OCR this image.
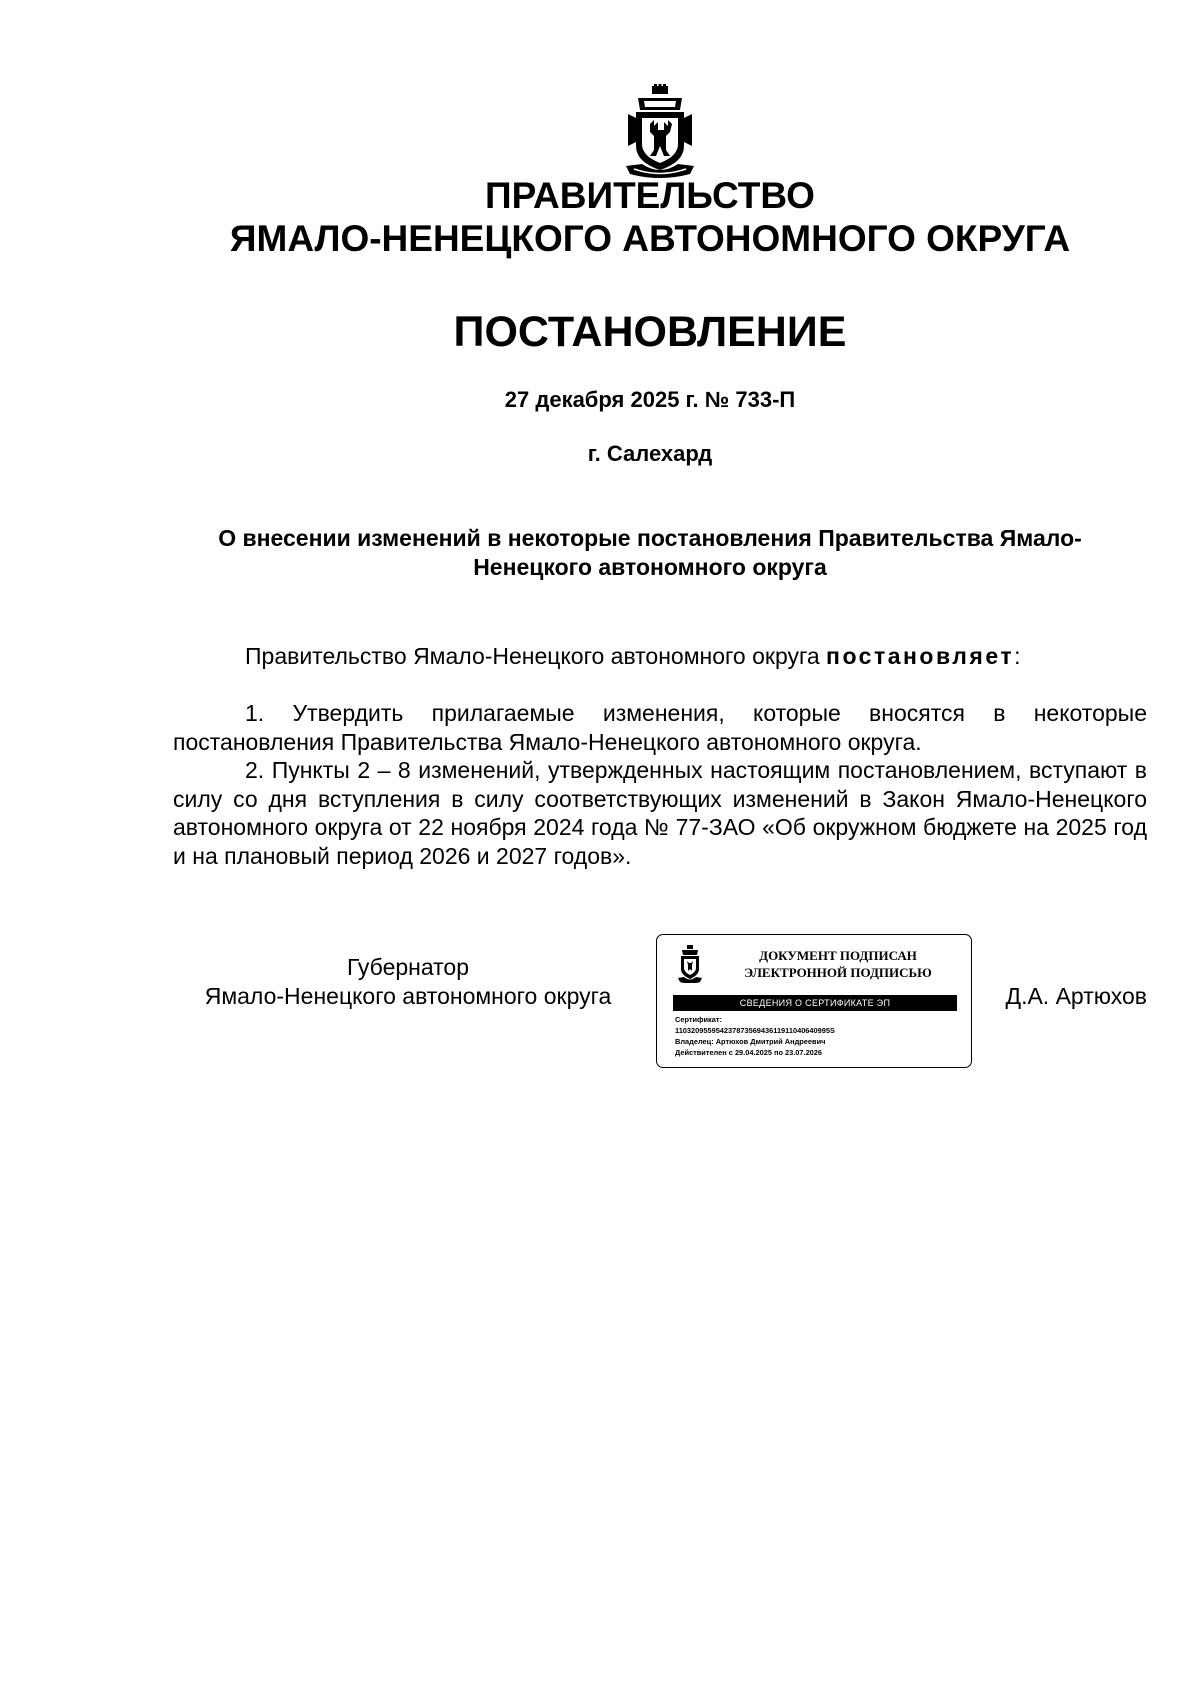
ПРАВИТЕЛЬСТВО
ЯМАЛО-НЕНЕЦКОГО АВТОНОМНОГО ОКРУГА
ПОСТАНОВЛЕНИЕ
27 декабря 2025 г. № 733-П
г. Салехард
О внесении изменений в некоторые постановления Правительства Ямало-Ненецкого автономного округа
Правительство Ямало-Ненецкого автономного округа постановляет:
1. Утвердить прилагаемые изменения, которые вносятся в некоторые постановления Правительства Ямало-Ненецкого автономного округа.
2. Пункты 2 – 8 изменений, утвержденных настоящим постановлением, вступают в силу со дня вступления в силу соответствующих изменений в Закон Ямало-Ненецкого автономного округа от 22 ноября 2024 года № 77-ЗАО «Об окружном бюджете на 2025 год и на плановый период 2026 и 2027 годов».
Губернатор
Ямало-Ненецкого автономного округа
ДОКУМЕНТ ПОДПИСАН
ЭЛЕКТРОННОЙ ПОДПИСЬЮ
СВЕДЕНИЯ О СЕРТИФИКАТЕ ЭП
Сертификат:
11032095595423787356943611911040640995S
Владелец: Артюхов Дмитрий Андреевич
Действителен с 29.04.2025 по 23.07.2026
Д.А. Артюхов
